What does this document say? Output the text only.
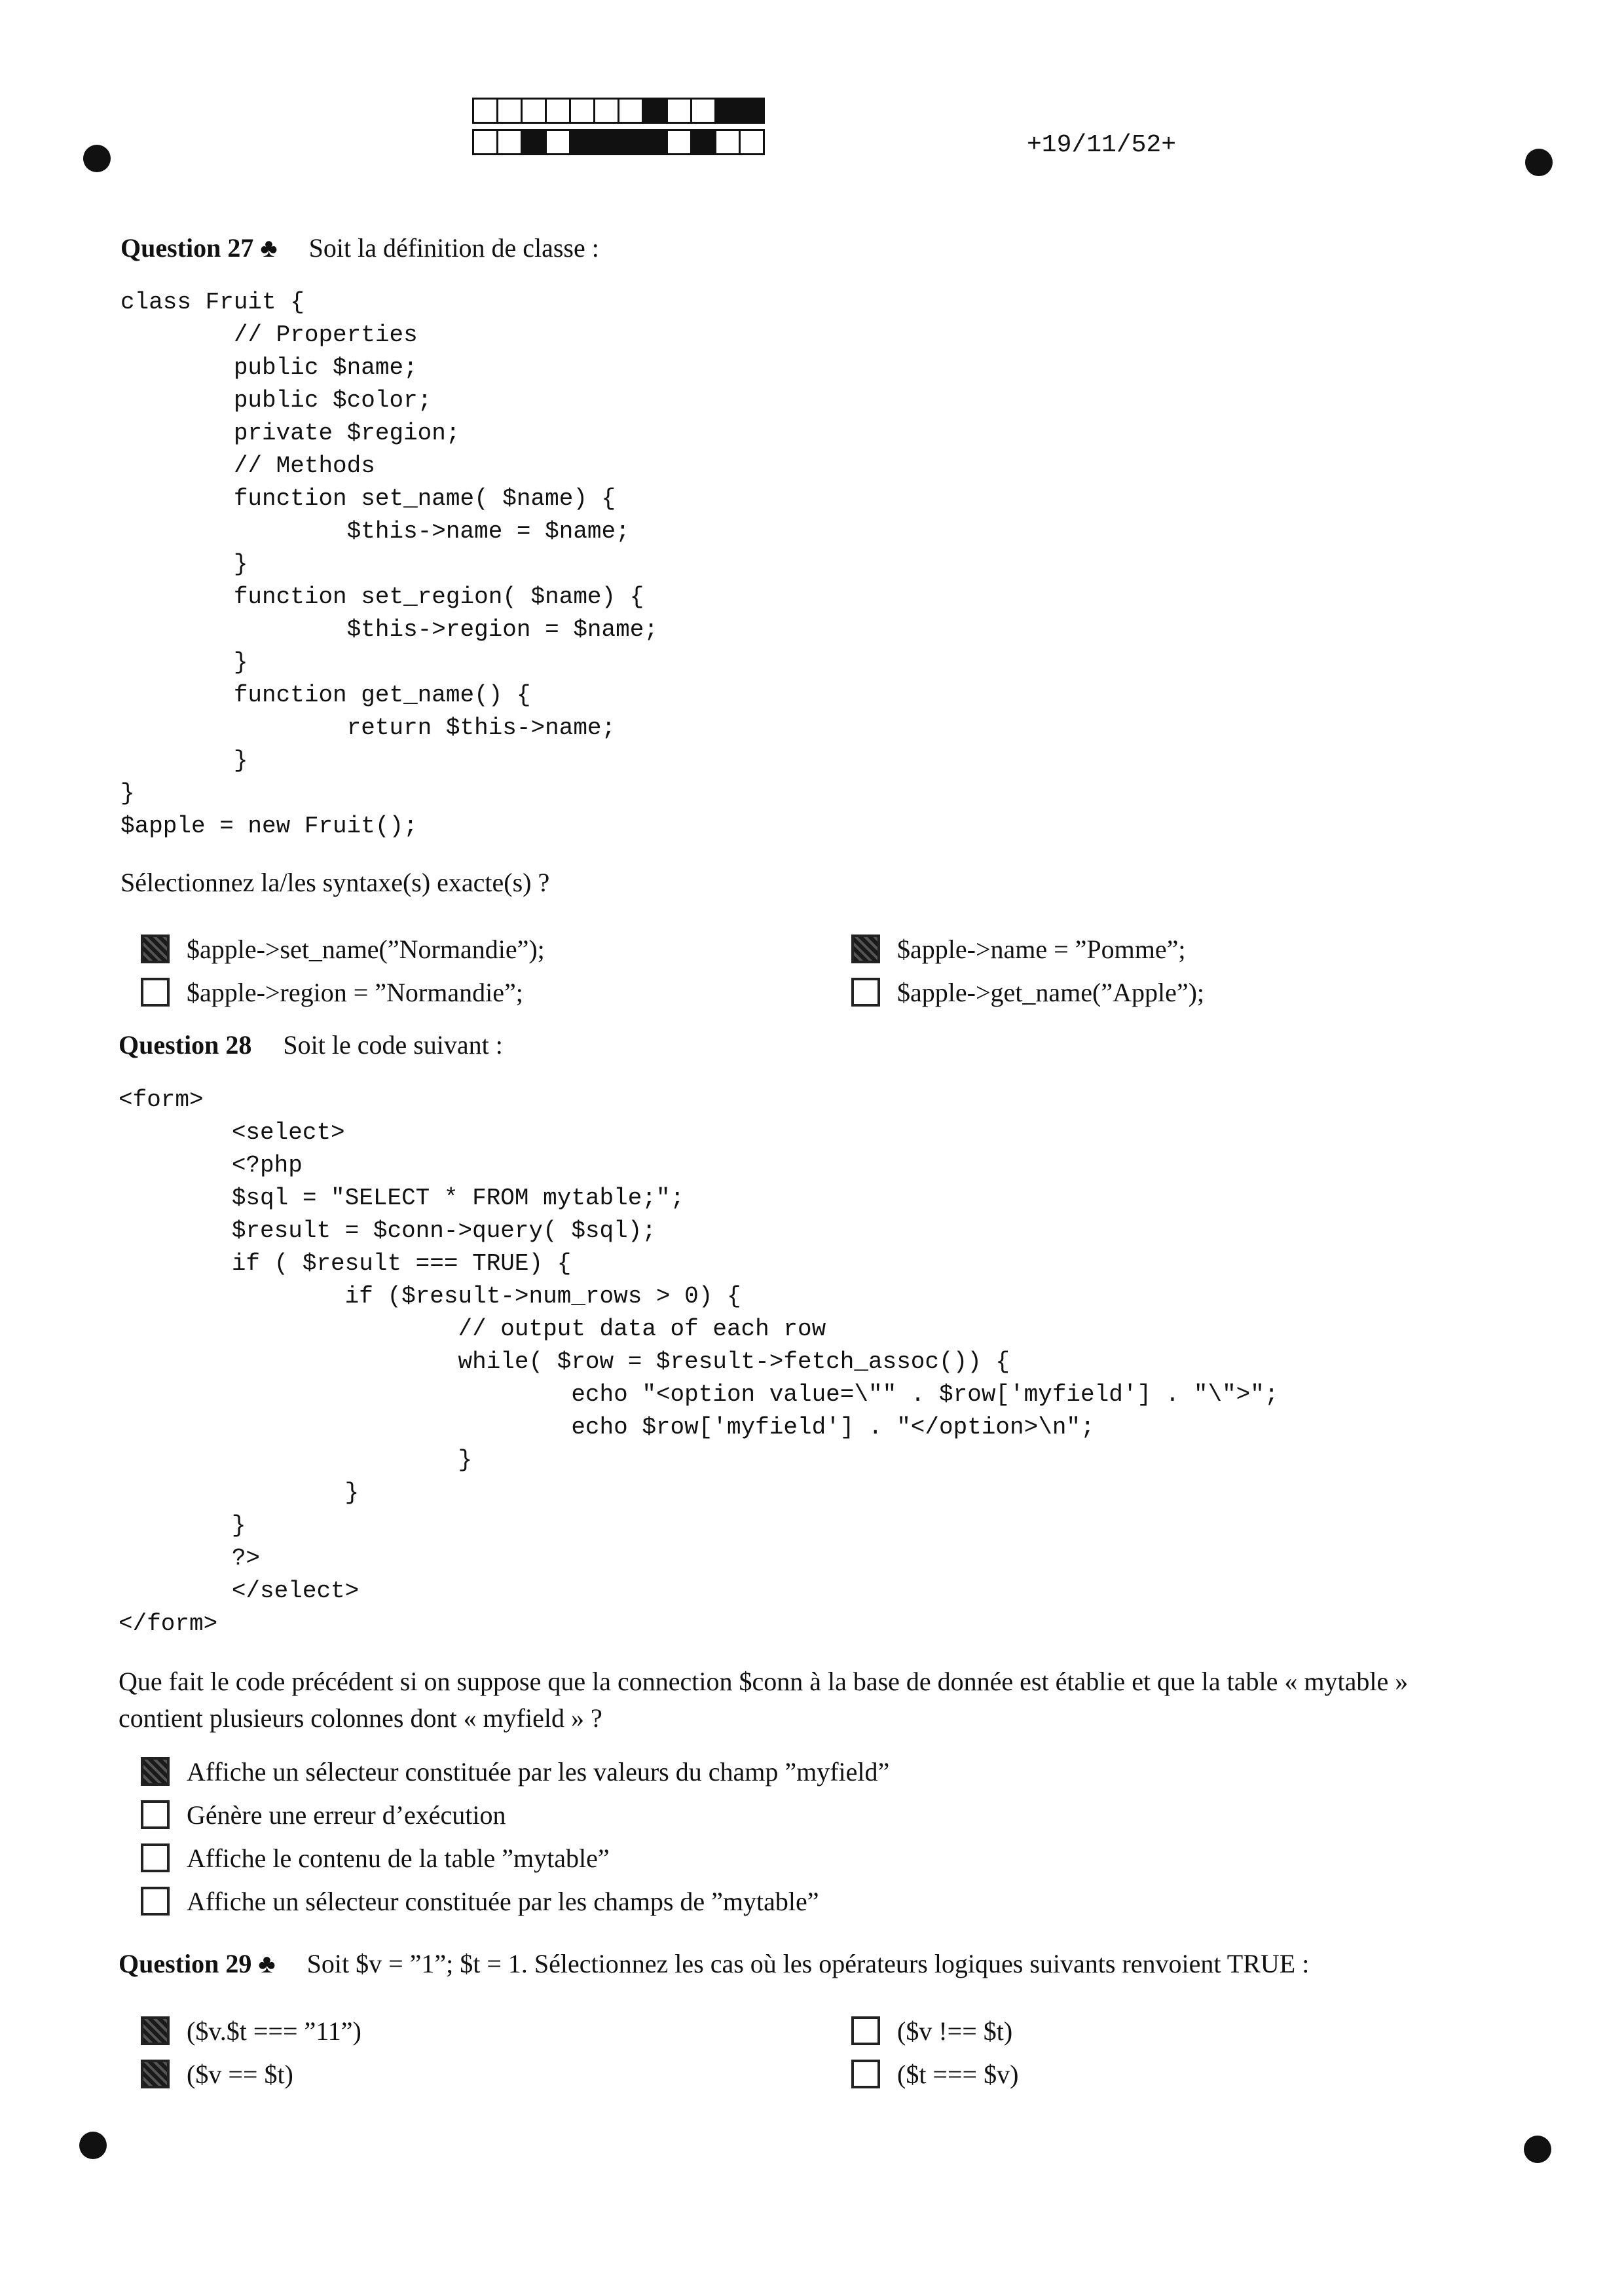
+19/11/52+
Question 27 ♣ Soit la définition de classe :
class Fruit {
// Properties
public $name;
public $color;
private $region;
// Methods
function set_name( $name) {
$this->name = $name;
}
function set_region( $name) {
$this->region = $name;
}
function get_name() {
return $this->name;
}
}
$apple = new Fruit();
Sélectionnez la/les syntaxe(s) exacte(s) ?
$apple->set_name(”Normandie”);
$apple->region = ”Normandie”;
$apple->name = ”Pomme”;
$apple->get_name(”Apple”);
Question 28 Soit le code suivant :
<form>
<select>
<?php
$sql = "SELECT * FROM mytable;";
$result = $conn->query( $sql);
if ( $result === TRUE) {
if ($result->num_rows > 0) {
// output data of each row
while( $row = $result->fetch_assoc()) {
echo "<option value=\"" . $row['myfield'] . "\">";
echo $row['myfield'] . "</option>\n";
}
}
}
?>
</select>
</form>
Que fait le code précédent si on suppose que la connection $conn à la base de donnée est établie et que la table « mytable »
contient plusieurs colonnes dont « myfield » ?
Affiche un sélecteur constituée par les valeurs du champ ”myfield”
Génère une erreur d’exécution
Affiche le contenu de la table ”mytable”
Affiche un sélecteur constituée par les champs de ”mytable”
Question 29 ♣ Soit $v = ”1”; $t = 1. Sélectionnez les cas où les opérateurs logiques suivants renvoient TRUE :
($v.$t === ”11”)
($v == $t)
($v !== $t)
($t === $v)
